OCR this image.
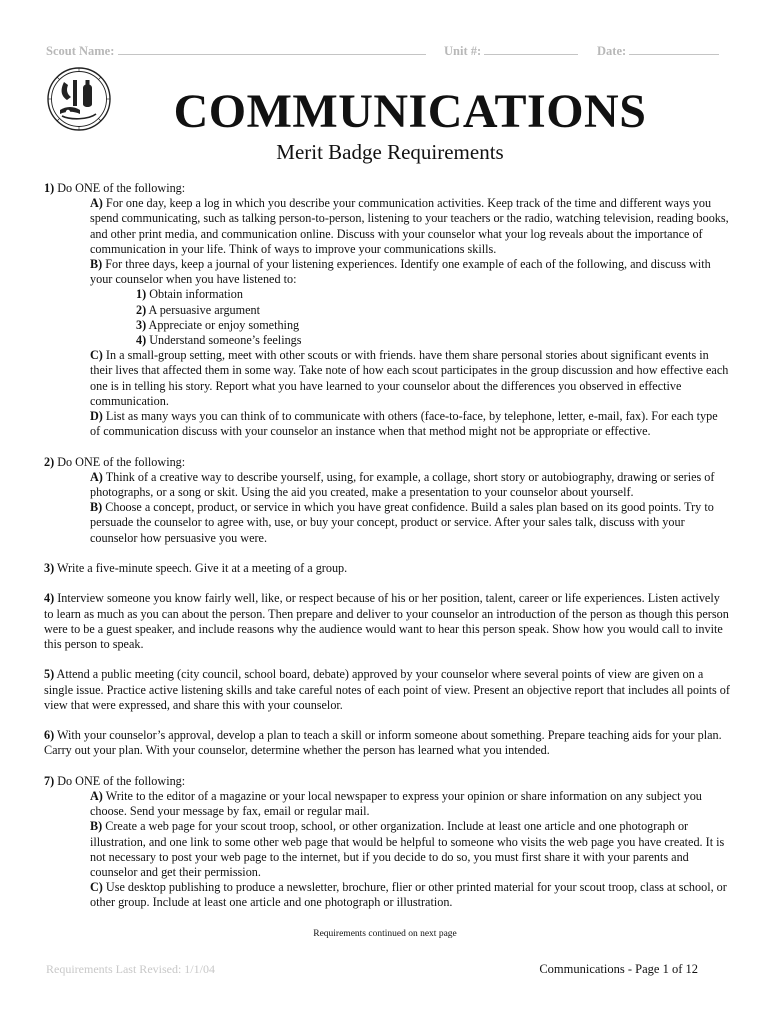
Scout Name:	Unit #:	Date:
COMMUNICATIONS
Merit Badge Requirements

1) Do ONE of the following:

A) For one day, keep a log in which you describe your communication activities. Keep track of the time and different ways you spend communicating, such as talking person-to-person, listening to your teachers or the radio, watching television, reading books, and other print media, and communication online. Discuss with your counselor what your log reveals about the importance of communication in your life. Think of ways to improve your communications skills.

B) For three days, keep a journal of your listening experiences. Identify one example of each of the following, and discuss with your counselor when you have listened to:

1) Obtain information

2) A persuasive argument

3) Appreciate or enjoy something

4) Understand someone’s feelings

C) In a small-group setting, meet with other scouts or with friends. have them share personal stories about significant events in their lives that affected them in some way. Take note of how each scout participates in the group discussion and how effective each one is in telling his story. Report what you have learned to your counselor about the differences you observed in effective communication.

D) List as many ways you can think of to communicate with others (face-to-face, by telephone, letter, e-mail, fax). For each type of communication discuss with your counselor an instance when that method might not be appropriate or effective.

2) Do ONE of the following:

A) Think of a creative way to describe yourself, using, for example, a collage, short story or autobiography, drawing or series of photographs, or a song or skit. Using the aid you created, make a presentation to your counselor about yourself.

B) Choose a concept, product, or service in which you have great confidence. Build a sales plan based on its good points. Try to persuade the counselor to agree with, use, or buy your concept, product or service. After your sales talk, discuss with your counselor how persuasive you were.

3) Write a five-minute speech. Give it at a meeting of a group.

4) Interview someone you know fairly well, like, or respect because of his or her position, talent, career or life experiences. Listen actively to learn as much as you can about the person. Then prepare and deliver to your counselor an introduction of the person as though this person were to be a guest speaker, and include reasons why the audience would want to hear this person speak. Show how you would call to invite this person to speak.

5) Attend a public meeting (city council, school board, debate) approved by your counselor where several points of view are given on a single issue. Practice active listening skills and take careful notes of each point of view. Present an objective report that includes all points of view that were expressed, and share this with your counselor.

6) With your counselor’s approval, develop a plan to teach a skill or inform someone about something. Prepare teaching aids for your plan. Carry out your plan. With your counselor, determine whether the person has learned what you intended.

7) Do ONE of the following:

A) Write to the editor of a magazine or your local newspaper to express your opinion or share information on any subject you choose. Send your message by fax, email or regular mail.

B) Create a web page for your scout troop, school, or other organization. Include at least one article and one photograph or illustration, and one link to some other web page that would be helpful to someone who visits the web page you have created. It is not necessary to post your web page to the internet, but if you decide to do so, you must first share it with your parents and counselor and get their permission.

C) Use desktop publishing to produce a newsletter, brochure, flier or other printed material for your scout troop, class at school, or other group. Include at least one article and one photograph or illustration.

Requirements continued on next page
Requirements Last Revised: 1/1/04	Communications - Page 1 of 12
